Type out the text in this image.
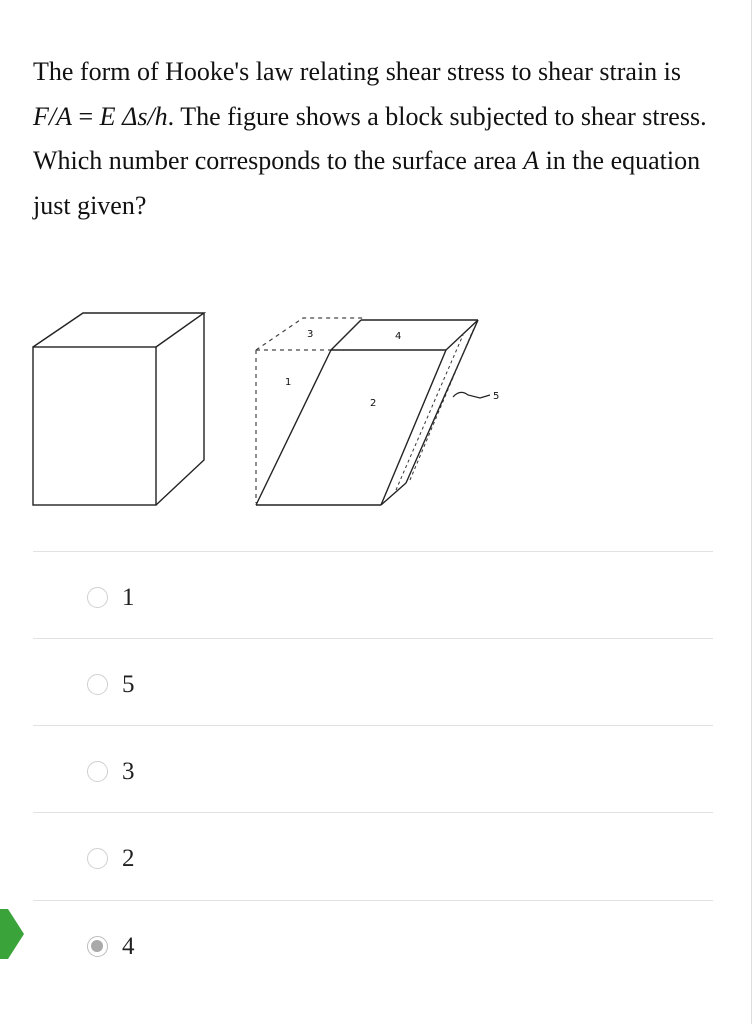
The form of Hooke's law relating shear stress to shear strain is F/A = E Δs/h. The figure shows a block subjected to shear stress. Which number corresponds to the surface area A in the equation just given?

1
2
3	4
5
1
5
3
2
4
